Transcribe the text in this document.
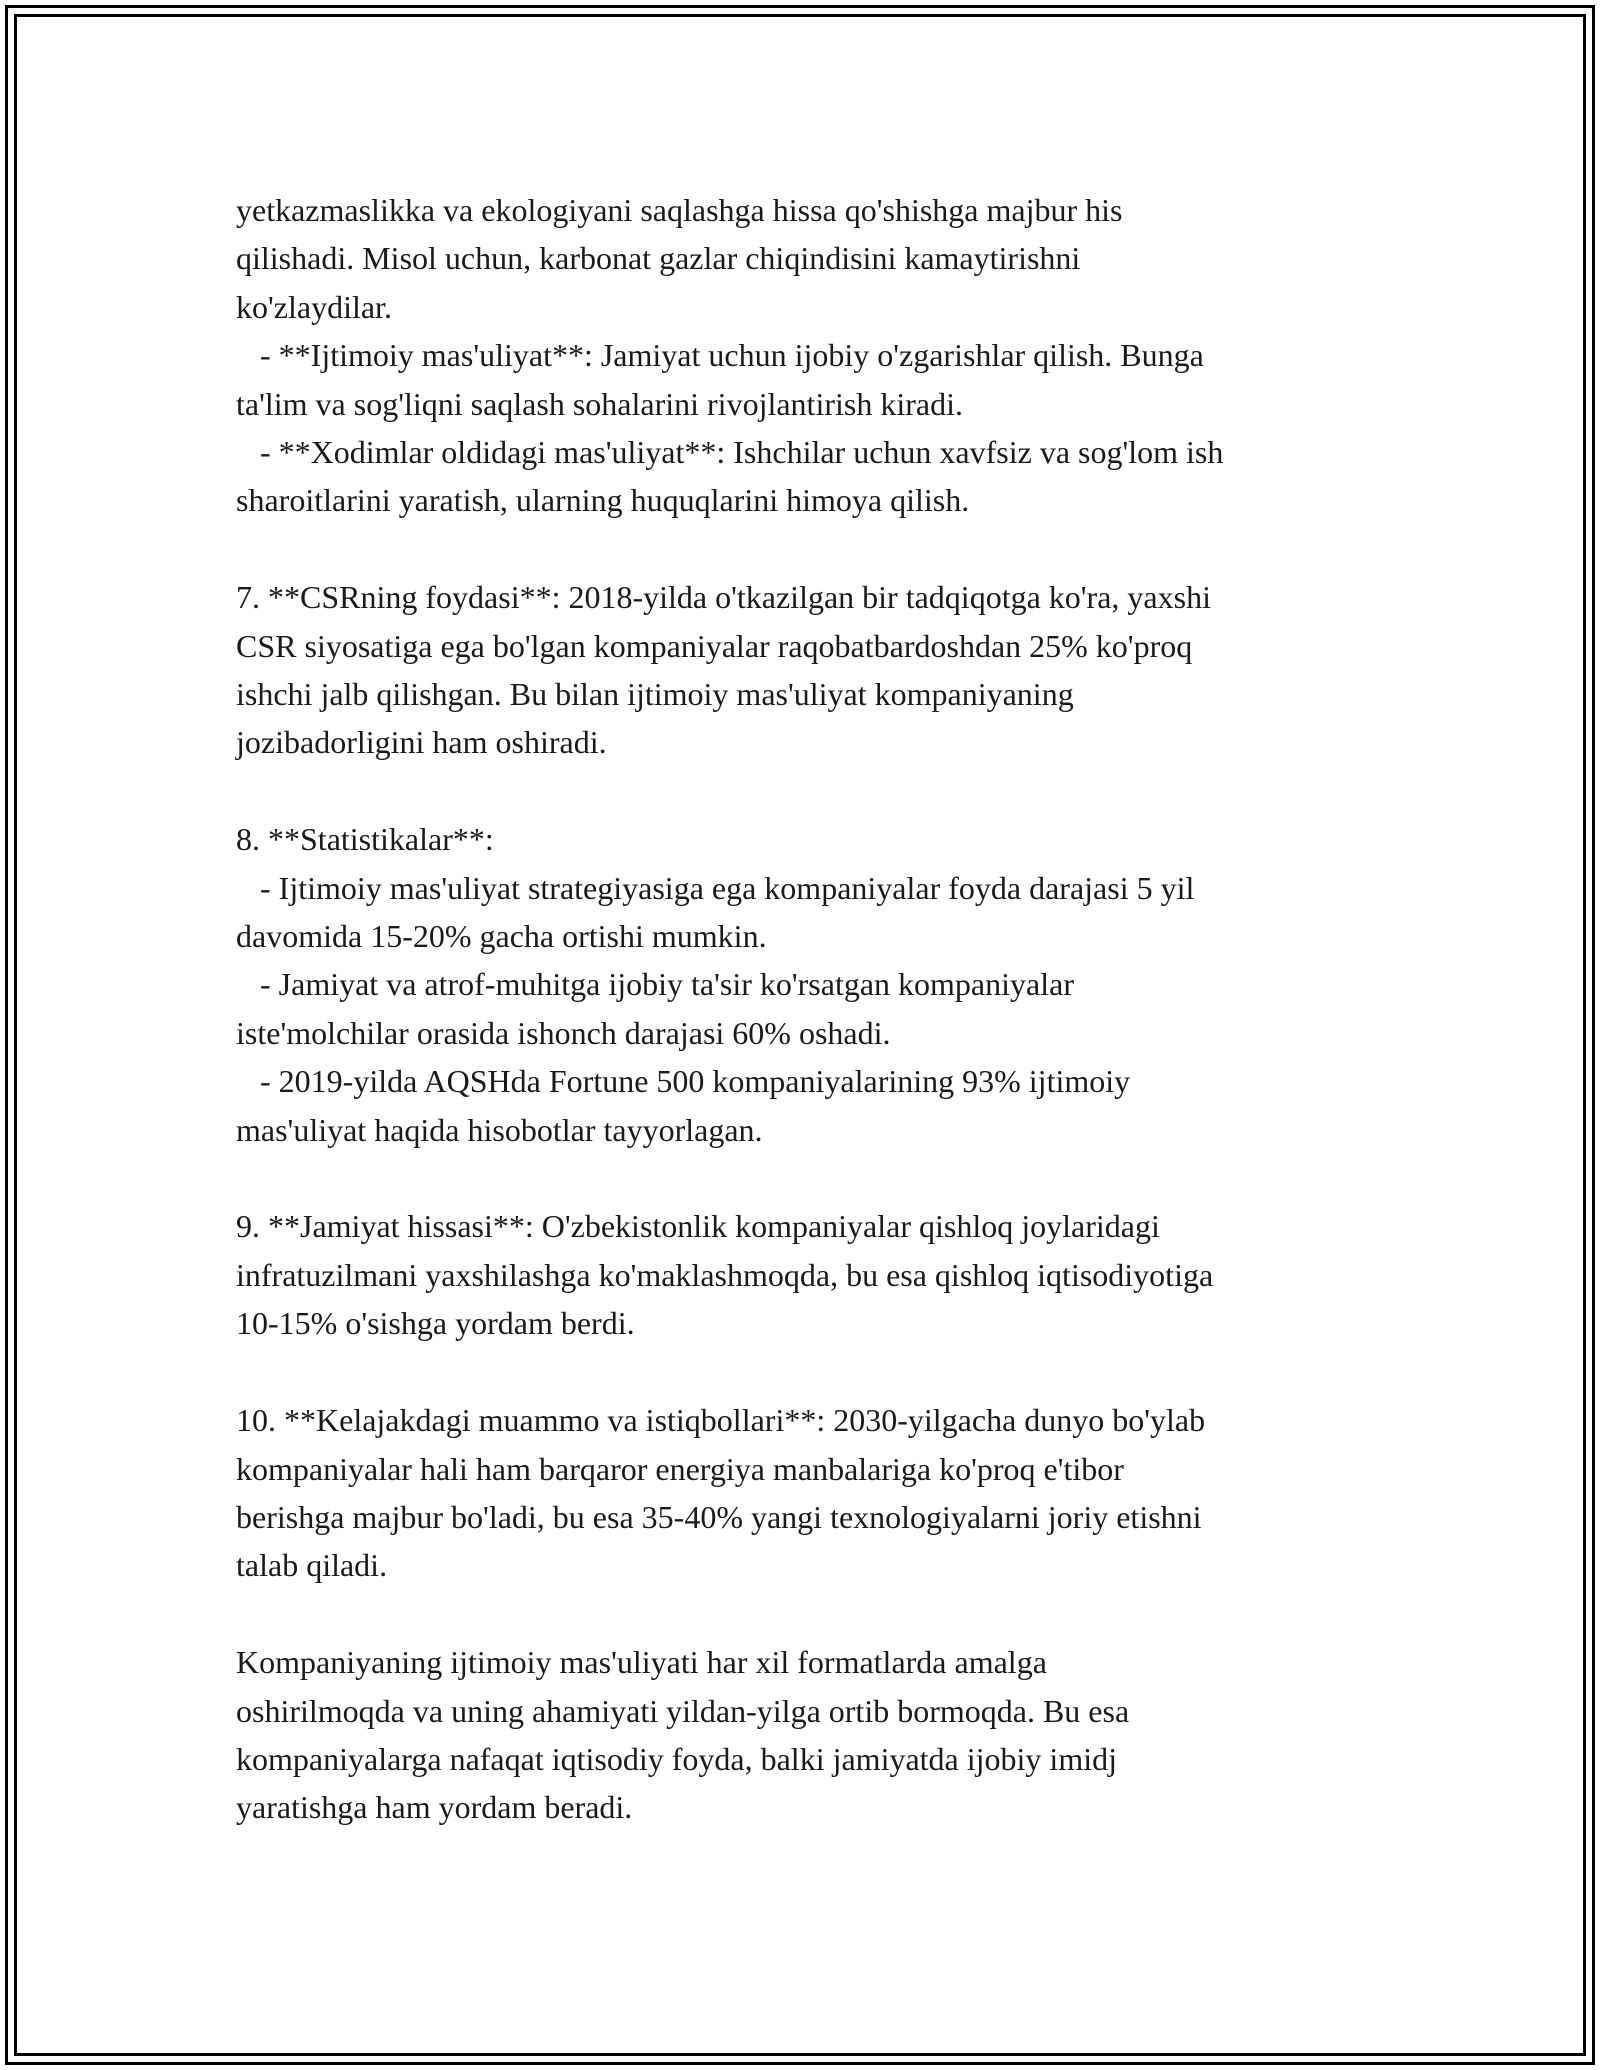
yetkazmaslikka va ekologiyani saqlashga hissa qo'shishga majbur his

qilishadi. Misol uchun, karbonat gazlar chiqindisini kamaytirishni

ko'zlaydilar.

- **Ijtimoiy mas'uliyat**: Jamiyat uchun ijobiy o'zgarishlar qilish. Bunga

ta'lim va sog'liqni saqlash sohalarini rivojlantirish kiradi.

- **Xodimlar oldidagi mas'uliyat**: Ishchilar uchun xavfsiz va sog'lom ish

sharoitlarini yaratish, ularning huquqlarini himoya qilish.

7. **CSRning foydasi**: 2018-yilda o'tkazilgan bir tadqiqotga ko'ra, yaxshi

CSR siyosatiga ega bo'lgan kompaniyalar raqobatbardoshdan 25% ko'proq

ishchi jalb qilishgan. Bu bilan ijtimoiy mas'uliyat kompaniyaning

jozibadorligini ham oshiradi.

8. **Statistikalar**:

- Ijtimoiy mas'uliyat strategiyasiga ega kompaniyalar foyda darajasi 5 yil

davomida 15-20% gacha ortishi mumkin.

- Jamiyat va atrof-muhitga ijobiy ta'sir ko'rsatgan kompaniyalar

iste'molchilar orasida ishonch darajasi 60% oshadi.

- 2019-yilda AQSHda Fortune 500 kompaniyalarining 93% ijtimoiy

mas'uliyat haqida hisobotlar tayyorlagan.

9. **Jamiyat hissasi**: O'zbekistonlik kompaniyalar qishloq joylaridagi

infratuzilmani yaxshilashga ko'maklashmoqda, bu esa qishloq iqtisodiyotiga

10-15% o'sishga yordam berdi.

10. **Kelajakdagi muammo va istiqbollari**: 2030-yilgacha dunyo bo'ylab

kompaniyalar hali ham barqaror energiya manbalariga ko'proq e'tibor

berishga majbur bo'ladi, bu esa 35-40% yangi texnologiyalarni joriy etishni

talab qiladi.

Kompaniyaning ijtimoiy mas'uliyati har xil formatlarda amalga

oshirilmoqda va uning ahamiyati yildan-yilga ortib bormoqda. Bu esa

kompaniyalarga nafaqat iqtisodiy foyda, balki jamiyatda ijobiy imidj

yaratishga ham yordam beradi.
